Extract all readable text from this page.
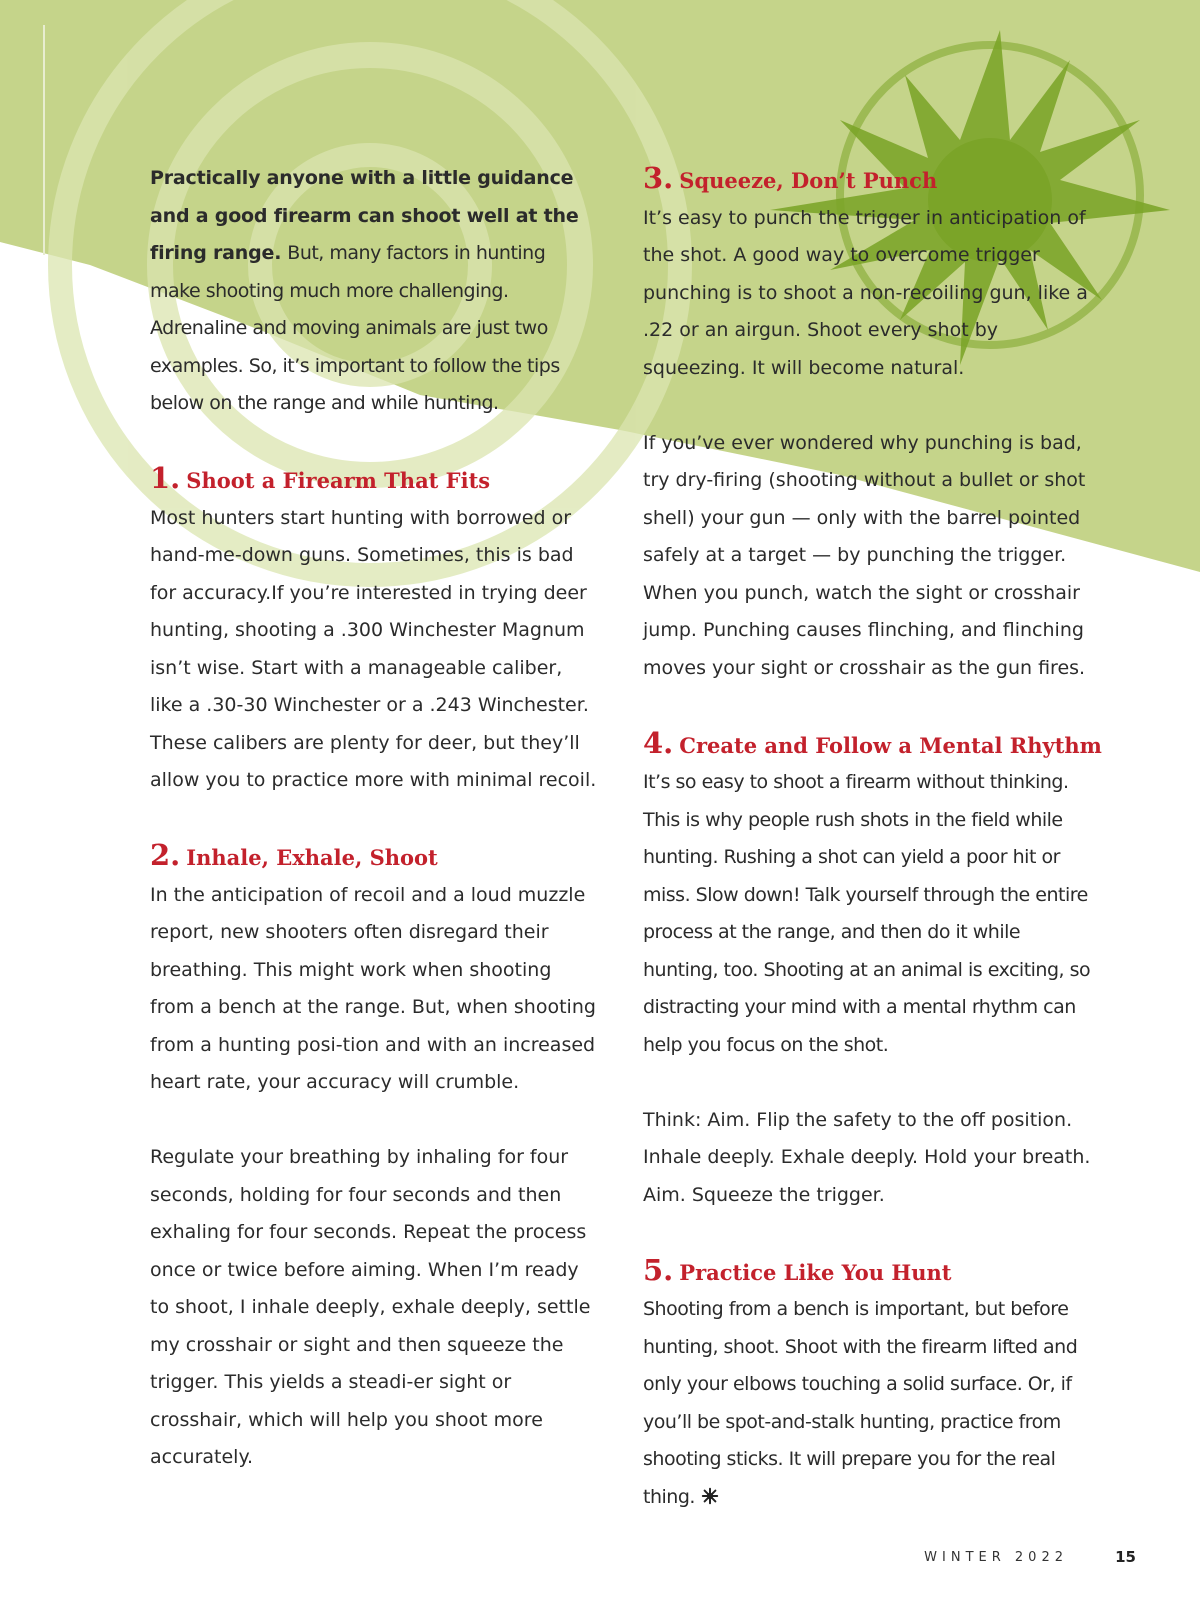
Practically anyone with a little guidance and a good firearm can shoot well at the firing range. But, many factors in hunting make shooting much more challenging. Adrenaline and moving animals are just two examples. So, it’s important to follow the tips below on the range and while hunting.

1. Shoot a Firearm That Fits

Most hunters start hunting with borrowed or hand-me-down guns. Sometimes, this is bad for accuracy.If you’re interested in trying deer hunting, shooting a .300 Winchester Magnum isn’t wise. Start with a manageable caliber, like a .30-30 Winchester or a .243 Winchester. These calibers are plenty for deer, but they’ll allow you to practice more with minimal recoil.

2. Inhale, Exhale, Shoot

In the anticipation of recoil and a loud muzzle report, new shooters often disregard their breathing. This might work when shooting from a bench at the range. But, when shooting from a hunting posi-tion and with an increased heart rate, your accuracy will crumble.

Regulate your breathing by inhaling for four seconds, holding for four seconds and then exhaling for four seconds. Repeat the process once or twice before aiming. When I’m ready to shoot, I inhale deeply, exhale deeply, settle my crosshair or sight and then squeeze the trigger. This yields a steadi-er sight or crosshair, which will help you shoot more accurately.

3. Squeeze, Don’t Punch

It’s easy to punch the trigger in anticipation of the shot. A good way to overcome trigger punching is to shoot a non-recoiling gun, like a .22 or an airgun. Shoot every shot by squeezing. It will become natural.

If you’ve ever wondered why punching is bad, try dry-firing (shooting without a bullet or shot shell) your gun — only with the barrel pointed safely at a target — by punching the trigger. When you punch, watch the sight or crosshair jump. Punching causes flinching, and flinching moves your sight or crosshair as the gun fires.

4. Create and Follow a Mental Rhythm

It’s so easy to shoot a firearm without thinking. This is why people rush shots in the field while hunting. Rushing a shot can yield a poor hit or miss. Slow down! Talk yourself through the entire process at the range, and then do it while hunting, too. Shooting at an animal is exciting, so distracting your mind with a mental rhythm can help you focus on the shot.

Think: Aim. Flip the safety to the off position. Inhale deeply. Exhale deeply. Hold your breath. Aim. Squeeze the trigger.

5. Practice Like You Hunt

Shooting from a bench is important, but before hunting, shoot. Shoot with the firearm lifted and only your elbows touching a solid surface. Or, if you’ll be spot-and-stalk hunting, practice from shooting sticks. It will prepare you for the real thing.

WINTER 2022	15
